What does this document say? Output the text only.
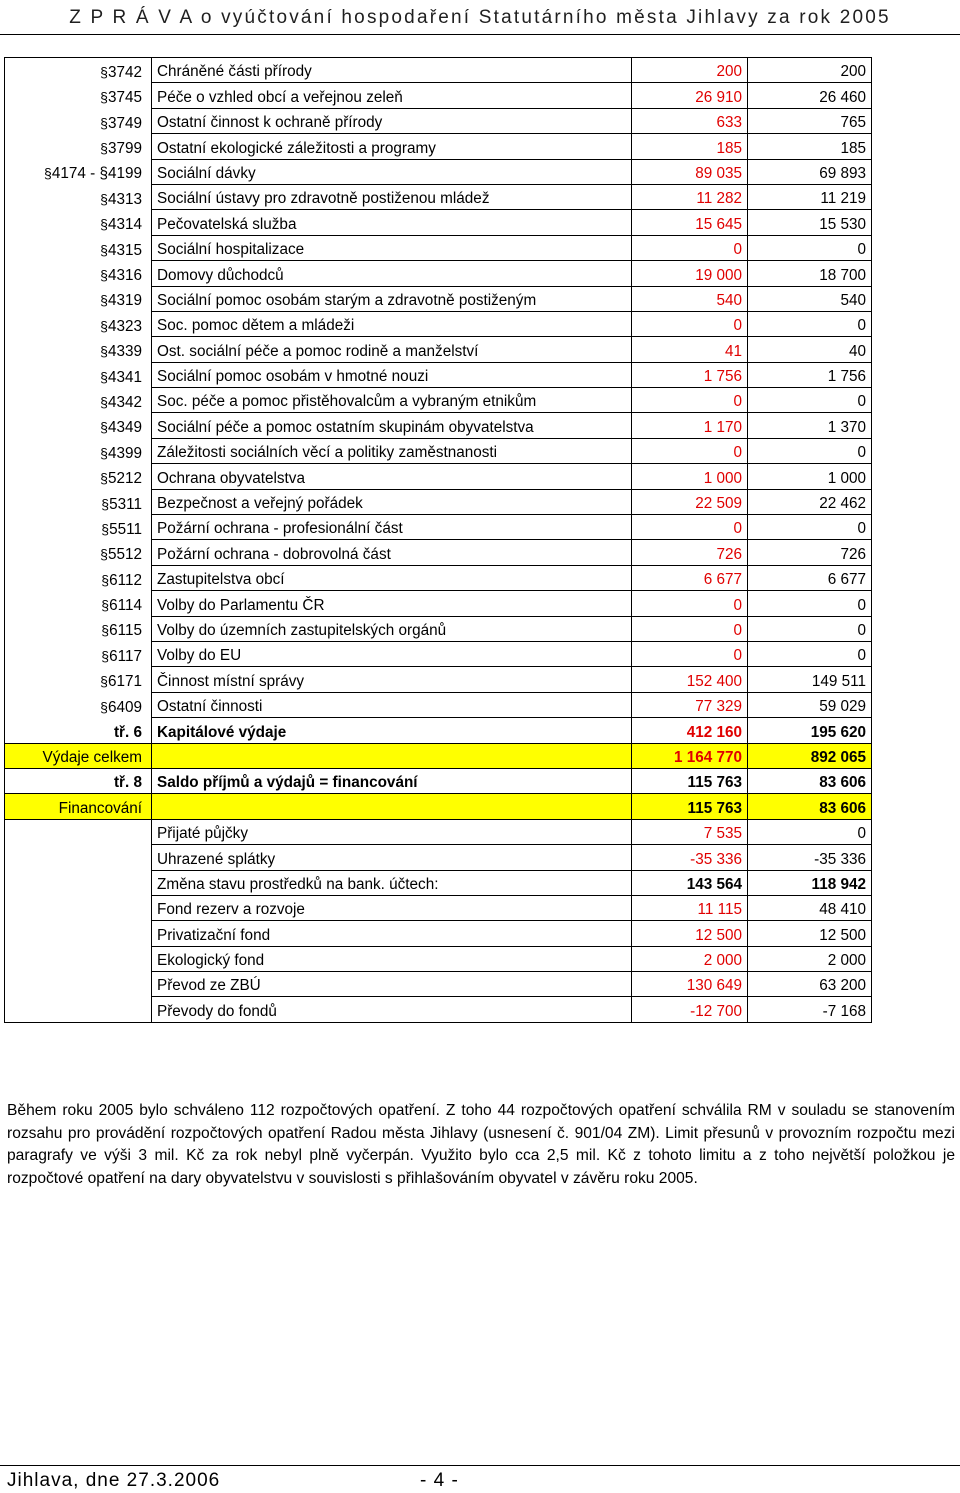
Z P R Á V A o vyúčtování hospodaření Statutárního města Jihlavy za rok 2005
§3742	Chráněné části přírody	200	200
§3745	Péče o vzhled obcí a veřejnou zeleň	26 910	26 460
§3749	Ostatní činnost k ochraně přírody	633	765
§3799	Ostatní ekologické záležitosti a programy	185	185
§4174 - §4199	Sociální dávky	89 035	69 893
§4313	Sociální ústavy pro zdravotně postiženou mládež	11 282	11 219
§4314	Pečovatelská služba	15 645	15 530
§4315	Sociální hospitalizace	0	0
§4316	Domovy důchodců	19 000	18 700
§4319	Sociální pomoc osobám starým a zdravotně postiženým	540	540
§4323	Soc. pomoc dětem a mládeži	0	0
§4339	Ost. sociální péče a pomoc rodině a manželství	41	40
§4341	Sociální pomoc osobám v hmotné nouzi	1 756	1 756
§4342	Soc. péče a pomoc přistěhovalcům a vybraným etnikům	0	0
§4349	Sociální péče a pomoc ostatním skupinám obyvatelstva	1 170	1 370
§4399	Záležitosti sociálních věcí a politiky zaměstnanosti	0	0
§5212	Ochrana obyvatelstva	1 000	1 000
§5311	Bezpečnost a veřejný pořádek	22 509	22 462
§5511	Požární ochrana - profesionální část	0	0
§5512	Požární ochrana - dobrovolná část	726	726
§6112	Zastupitelstva obcí	6 677	6 677
§6114	Volby do Parlamentu ČR	0	0
§6115	Volby do územních zastupitelských orgánů	0	0
§6117	Volby do EU	0	0
§6171	Činnost místní správy	152 400	149 511
§6409	Ostatní činnosti	77 329	59 029
tř. 6	Kapitálové výdaje	412 160	195 620
Výdaje celkem		1 164 770	892 065
tř. 8	Saldo příjmů a výdajů = financování	115 763	83 606
Financování		115 763	83 606
	Přijaté půjčky	7 535	0
	Uhrazené splátky	-35 336	-35 336
	Změna stavu prostředků na bank. účtech:	143 564	118 942
	Fond rezerv a rozvoje	11 115	48 410
	Privatizační fond	12 500	12 500
	Ekologický fond	2 000	2 000
	Převod ze ZBÚ	130 649	63 200
	Převody do fondů	-12 700	-7 168
Během roku 2005 bylo schváleno 112 rozpočtových opatření. Z toho 44 rozpočtových opatření schválila RM v souladu se stanovením rozsahu pro provádění rozpočtových opatření Radou města Jihlavy (usnesení č. 901/04 ZM). Limit přesunů v provozním rozpočtu mezi paragrafy ve výši 3 mil. Kč za rok nebyl plně vyčerpán. Využito bylo cca 2,5 mil. Kč z tohoto limitu a z toho největší položkou je rozpočtové opatření na dary obyvatelstvu v souvislosti s přihlašováním obyvatel v závěru roku 2005.
Jihlava, dne 27.3.2006	- 4 -
